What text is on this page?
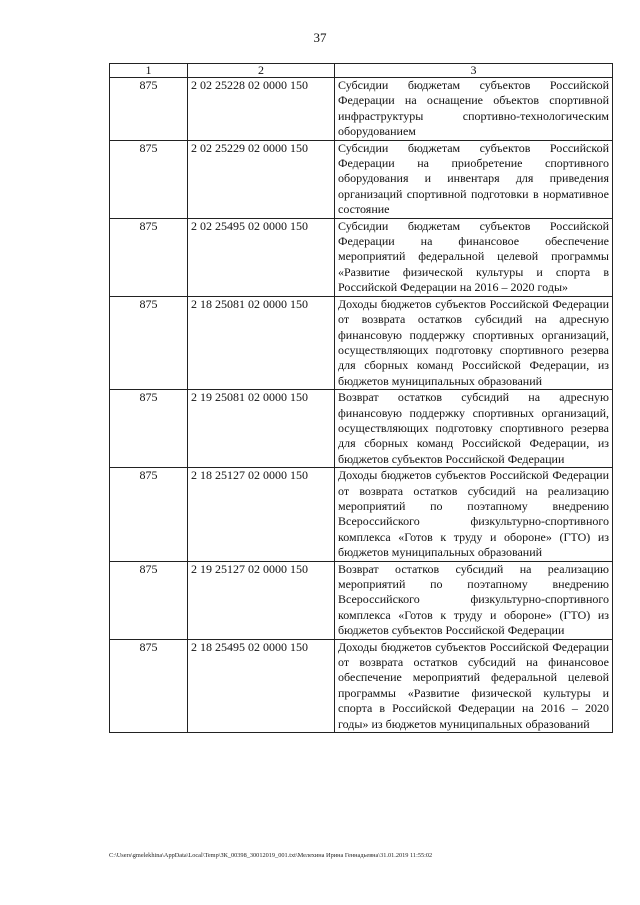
37
1	2	3
875	2 02 25228 02 0000 150	Субсидии бюджетам субъектов Российской Федерации на оснащение объектов спортивной инфраструктуры спортивно-технологическим оборудованием
875	2 02 25229 02 0000 150	Субсидии бюджетам субъектов Российской Федерации на приобретение спортивного оборудования и инвентаря для приведения организаций спортивной подготовки в нормативное состояние
875	2 02 25495 02 0000 150	Субсидии бюджетам субъектов Российской Федерации на финансовое обеспечение мероприятий федеральной целевой программы «Развитие физической культуры и спорта в Российской Федерации на 2016 – 2020 годы»
875	2 18 25081 02 0000 150	Доходы бюджетов субъектов Российской Федерации от возврата остатков субсидий на адресную финансовую поддержку спортивных организаций, осуществляющих подготовку спортивного резерва для сборных команд Российской Федерации, из бюджетов муниципальных образований
875	2 19 25081 02 0000 150	Возврат остатков субсидий на адресную финансовую поддержку спортивных организаций, осуществляющих подготовку спортивного резерва для сборных команд Российской Федерации, из бюджетов субъектов Российской Федерации
875	2 18 25127 02 0000 150	Доходы бюджетов субъектов Российской Федерации от возврата остатков субсидий на реализацию мероприятий по поэтапному внедрению Всероссийского физкультурно-спортивного комплекса «Готов к труду и обороне» (ГТО) из бюджетов муниципальных образований
875	2 19 25127 02 0000 150	Возврат остатков субсидий на реализацию мероприятий по поэтапному внедрению Всероссийского физкультурно-спортивного комплекса «Готов к труду и обороне» (ГТО) из бюджетов субъектов Российской Федерации
875	2 18 25495 02 0000 150	Доходы бюджетов субъектов Российской Федерации от возврата остатков субсидий на финансовое обеспечение мероприятий федеральной целевой программы «Развитие физической культуры и спорта в Российской Федерации на 2016 – 2020 годы» из бюджетов муниципальных образований
C:\Users\gmelekhina\AppData\Local\Temp\ЗК_00398_30012019_001.txt\Мелехина Ирина Геннадьевна\31.01.2019 11:55:02
